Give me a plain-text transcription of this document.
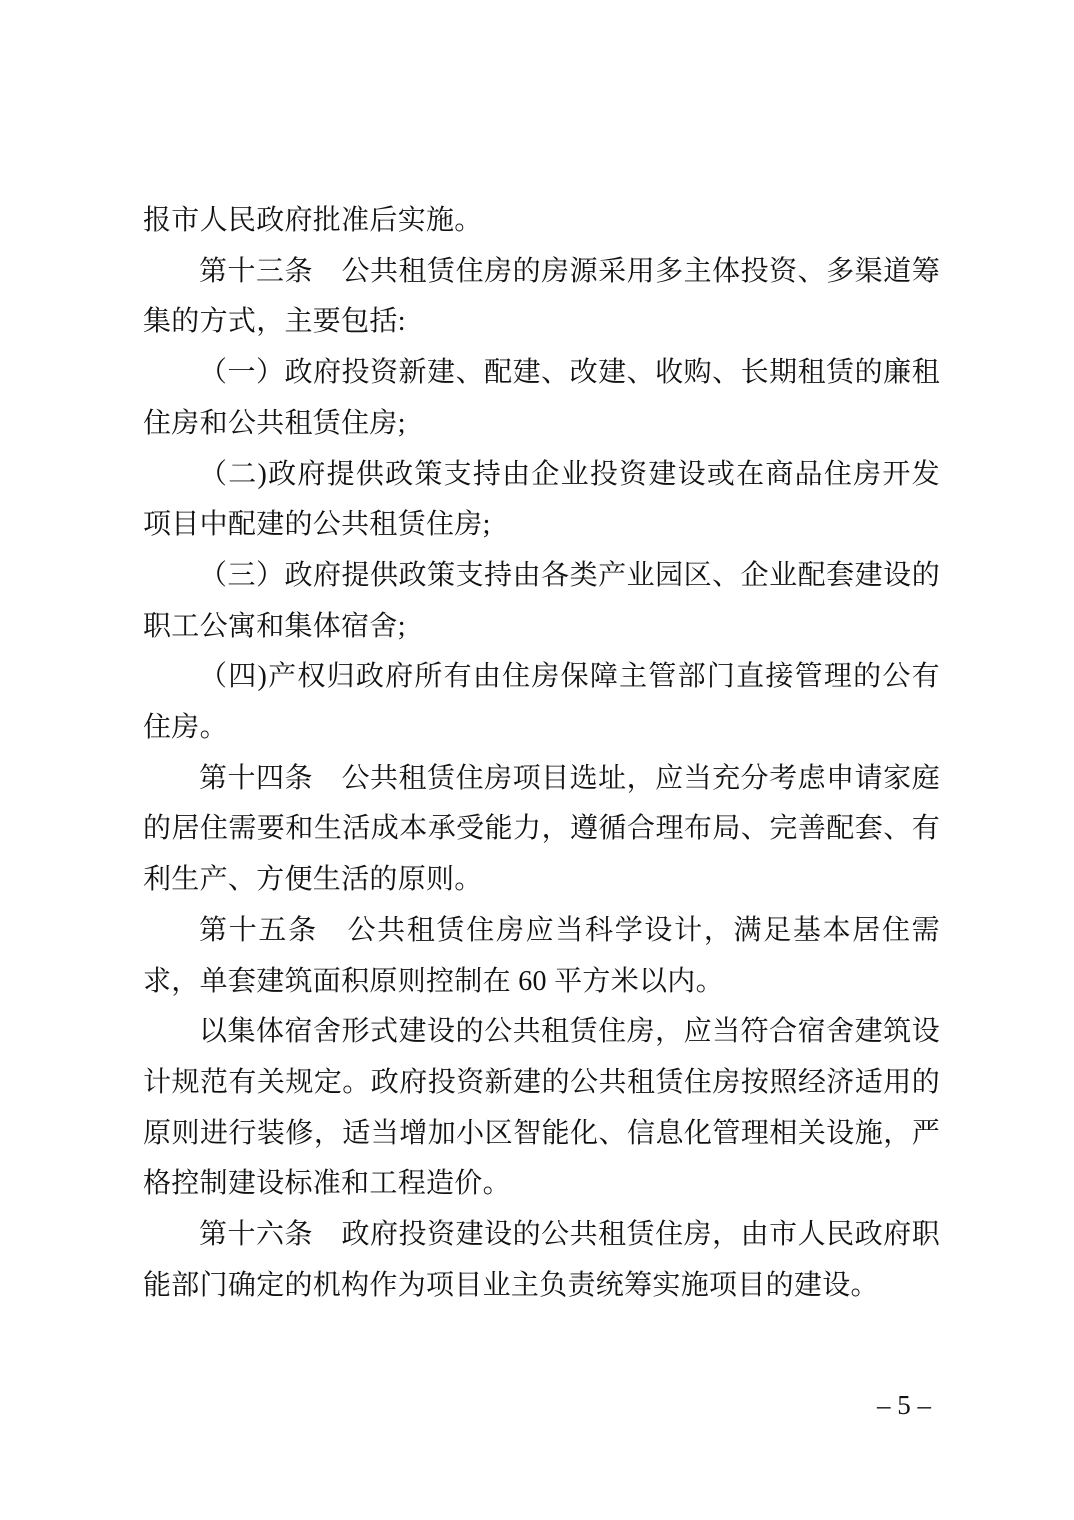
报市人民政府批准后实施。

第十三条　公共租赁住房的房源采用多主体投资、多渠道筹集的方式，主要包括:

（一）政府投资新建、配建、改建、收购、长期租赁的廉租住房和公共租赁住房;

（二)政府提供政策支持由企业投资建设或在商品住房开发项目中配建的公共租赁住房;

（三）政府提供政策支持由各类产业园区、企业配套建设的职工公寓和集体宿舍;

（四)产权归政府所有由住房保障主管部门直接管理的公有住房。

第十四条　公共租赁住房项目选址，应当充分考虑申请家庭的居住需要和生活成本承受能力，遵循合理布局、完善配套、有利生产、方便生活的原则。

第十五条　公共租赁住房应当科学设计，满足基本居住需求，单套建筑面积原则控制在 60 平方米以内。

以集体宿舍形式建设的公共租赁住房，应当符合宿舍建筑设计规范有关规定。政府投资新建的公共租赁住房按照经济适用的原则进行装修，适当增加小区智能化、信息化管理相关设施，严格控制建设标准和工程造价。

第十六条　政府投资建设的公共租赁住房，由市人民政府职能部门确定的机构作为项目业主负责统筹实施项目的建设。

– 5 –
